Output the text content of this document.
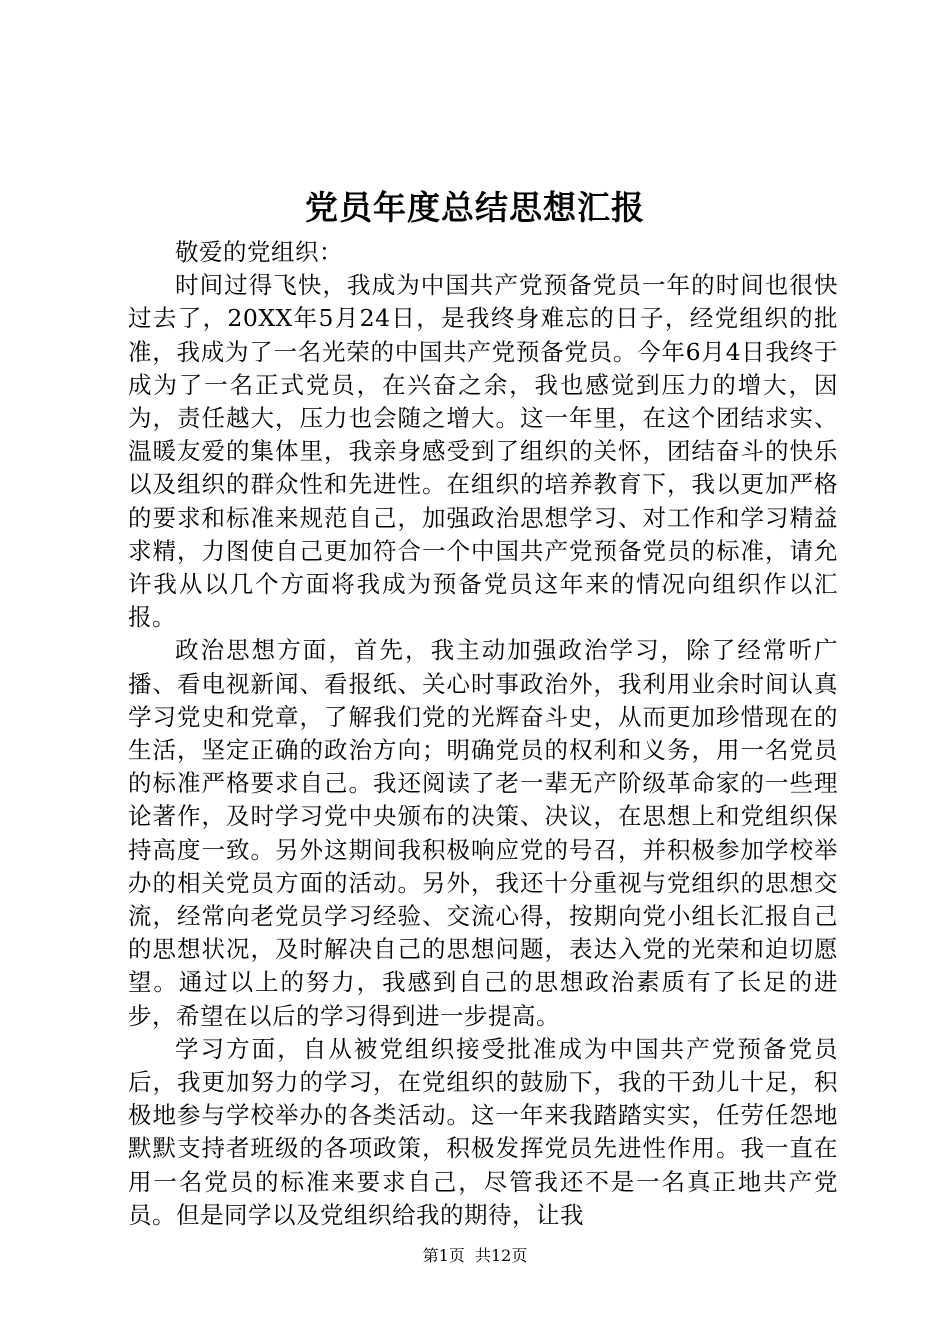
党员年度总结思想汇报

敬爱的党组织：

时间过得飞快，我成为中国共产党预备党员一年的时间也很快过去了，20XX年5月24日，是我终身难忘的日子，经党组织的批准，我成为了一名光荣的中国共产党预备党员。今年6月4日我终于成为了一名正式党员，在兴奋之余，我也感觉到压力的增大，因为，责任越大，压力也会随之增大。这一年里，在这个团结求实、温暖友爱的集体里，我亲身感受到了组织的关怀，团结奋斗的快乐以及组织的群众性和先进性。在组织的培养教育下，我以更加严格的要求和标准来规范自己，加强政治思想学习、对工作和学习精益求精，力图使自己更加符合一个中国共产党预备党员的标准，请允许我从以几个方面将我成为预备党员这年来的情况向组织作以汇报。

政治思想方面，首先，我主动加强政治学习，除了经常听广播、看电视新闻、看报纸、关心时事政治外，我利用业余时间认真学习党史和党章，了解我们党的光辉奋斗史，从而更加珍惜现在的生活，坚定正确的政治方向；明确党员的权利和义务，用一名党员的标准严格要求自己。我还阅读了老一辈无产阶级革命家的一些理论著作，及时学习党中央颁布的决策、决议，在思想上和党组织保持高度一致。另外这期间我积极响应党的号召，并积极参加学校举办的相关党员方面的活动。另外，我还十分重视与党组织的思想交流，经常向老党员学习经验、交流心得，按期向党小组长汇报自己的思想状况，及时解决自己的思想问题，表达入党的光荣和迫切愿望。通过以上的努力，我感到自己的思想政治素质有了长足的进步，希望在以后的学习得到进一步提高。

学习方面，自从被党组织接受批准成为中国共产党预备党员后，我更加努力的学习，在党组织的鼓励下，我的干劲儿十足，积极地参与学校举办的各类活动。这一年来我踏踏实实，任劳任怨地默默支持者班级的各项政策，积极发挥党员先进性作用。我一直在用一名党员的标准来要求自己，尽管我还不是一名真正地共产党员。但是同学以及党组织给我的期待，让我

第1页  共12页
